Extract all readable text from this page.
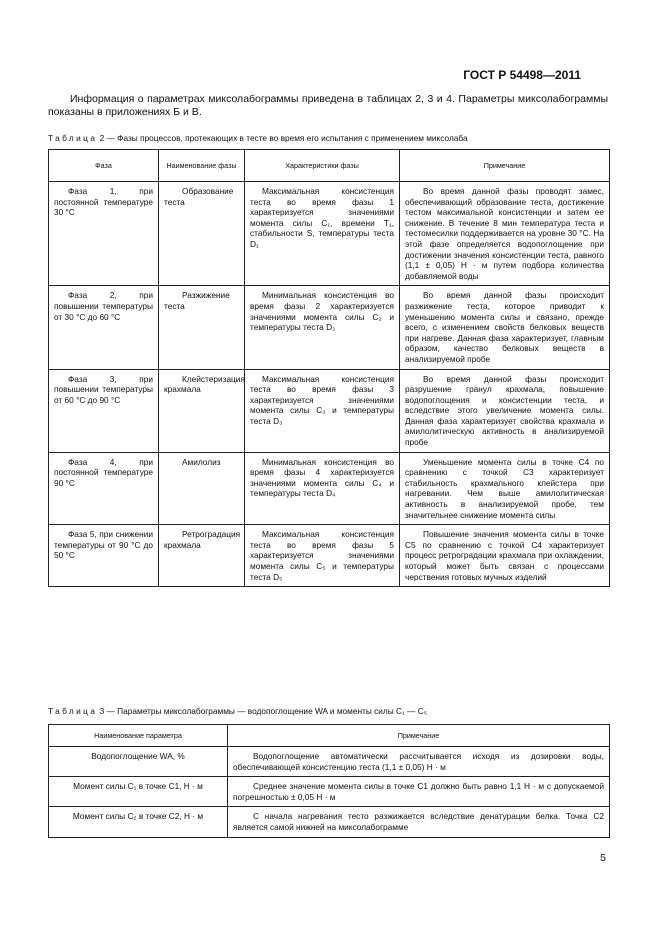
ГОСТ Р 54498—2011
Информация о параметрах миксолабограммы приведена в таблицах 2, 3 и 4. Параметры миксолабограммы показаны в приложениях Б и В.
Таблица 2 — Фазы процессов, протекающих в тесте во время его испытания с применением миксолаба
Фаза	Наименование фазы	Характеристики фазы	Примечание
Фаза 1, при постоянной температуре 30 °С	Образование теста	Максимальная консистенция теста во время фазы 1 характеризуется значениями момента силы C₁, времени T₁, стабильности S, температуры теста D₁	Во время данной фазы проводят замес, обеспечивающий образование теста, достижение тестом максимальной консистенции и затем ее снижение. В течение 8 мин температура теста и тестомесилки поддерживается на уровне 30 °С. На этой фазе определяется водопоглощение при достижении значения консистенции теста, равного (1,1 ± 0,05) Н · м путем подбора количества добавляемой воды
Фаза 2, при повышении температуры от 30 °С до 60 °С	Разжижение теста	Минимальная консистенция во время фазы 2 характеризуется значениями момента силы C₂ и температуры теста D₂	Во время данной фазы происходит разжижение теста, которое приводит к уменьшению момента силы и связано, прежде всего, с изменением свойств белковых веществ при нагреве. Данная фаза характеризует, главным образом, качество белковых веществ в анализируемой пробе
Фаза 3, при повышении температуры от 60 °С до 90 °С	Клейстеризация крахмала	Максимальная консистенция теста во время фазы 3 характеризуется значениями момента силы C₃ и температуры теста D₃	Во время данной фазы происходит разрушение гранул крахмала, повышение водопоглощения и консистенции теста, и вследствие этого увеличение момента силы. Данная фаза характеризует свойства крахмала и амилолитическую активность в анализируемой пробе
Фаза 4, при постоянной температуре 90 °С	Амилолиз	Минимальная консистенция во время фазы 4 характеризуется значениями момента силы C₄ и температуры теста D₄	Уменьшение момента силы в точке С4 по сравнению с точкой С3 характеризует стабильность крахмального клейстера при нагревании. Чем выше амилолитическая активность в анализируемой пробе, тем значительнее снижение момента силы
Фаза 5, при снижении температуры от 90 °С до 50 °С	Ретроградация крахмала	Максимальная консистенция теста во время фазы 5 характеризуется значениями момента силы C₅ и температуры теста D₅	Повышение значения момента силы в точке С5 по сравнению с точкой С4 характеризует процесс ретроградации крахмала при охлаждении, который может быть связан с процессами черствения готовых мучных изделий
Таблица 3 — Параметры миксолабограммы — водопоглощение WA и моменты силы C₁ — C₅
Наименование параметра	Примечание
Водопоглощение WA, %	Водопоглощение автоматически рассчитывается исходя из дозировки воды, обеспечивающей консистенцию теста (1,1 ± 0,05) Н · м
Момент силы C₁ в точке С1, Н · м	Среднее значение момента силы в точке С1 должно быть равно 1,1 Н · м с допускаемой погрешностью ± 0,05 Н · м
Момент силы C₂ в точке С2, Н · м	С начала нагревания тесто разжижается вследствие денатурации белка. Точка С2 является самой нижней на миксолабограмме
5
